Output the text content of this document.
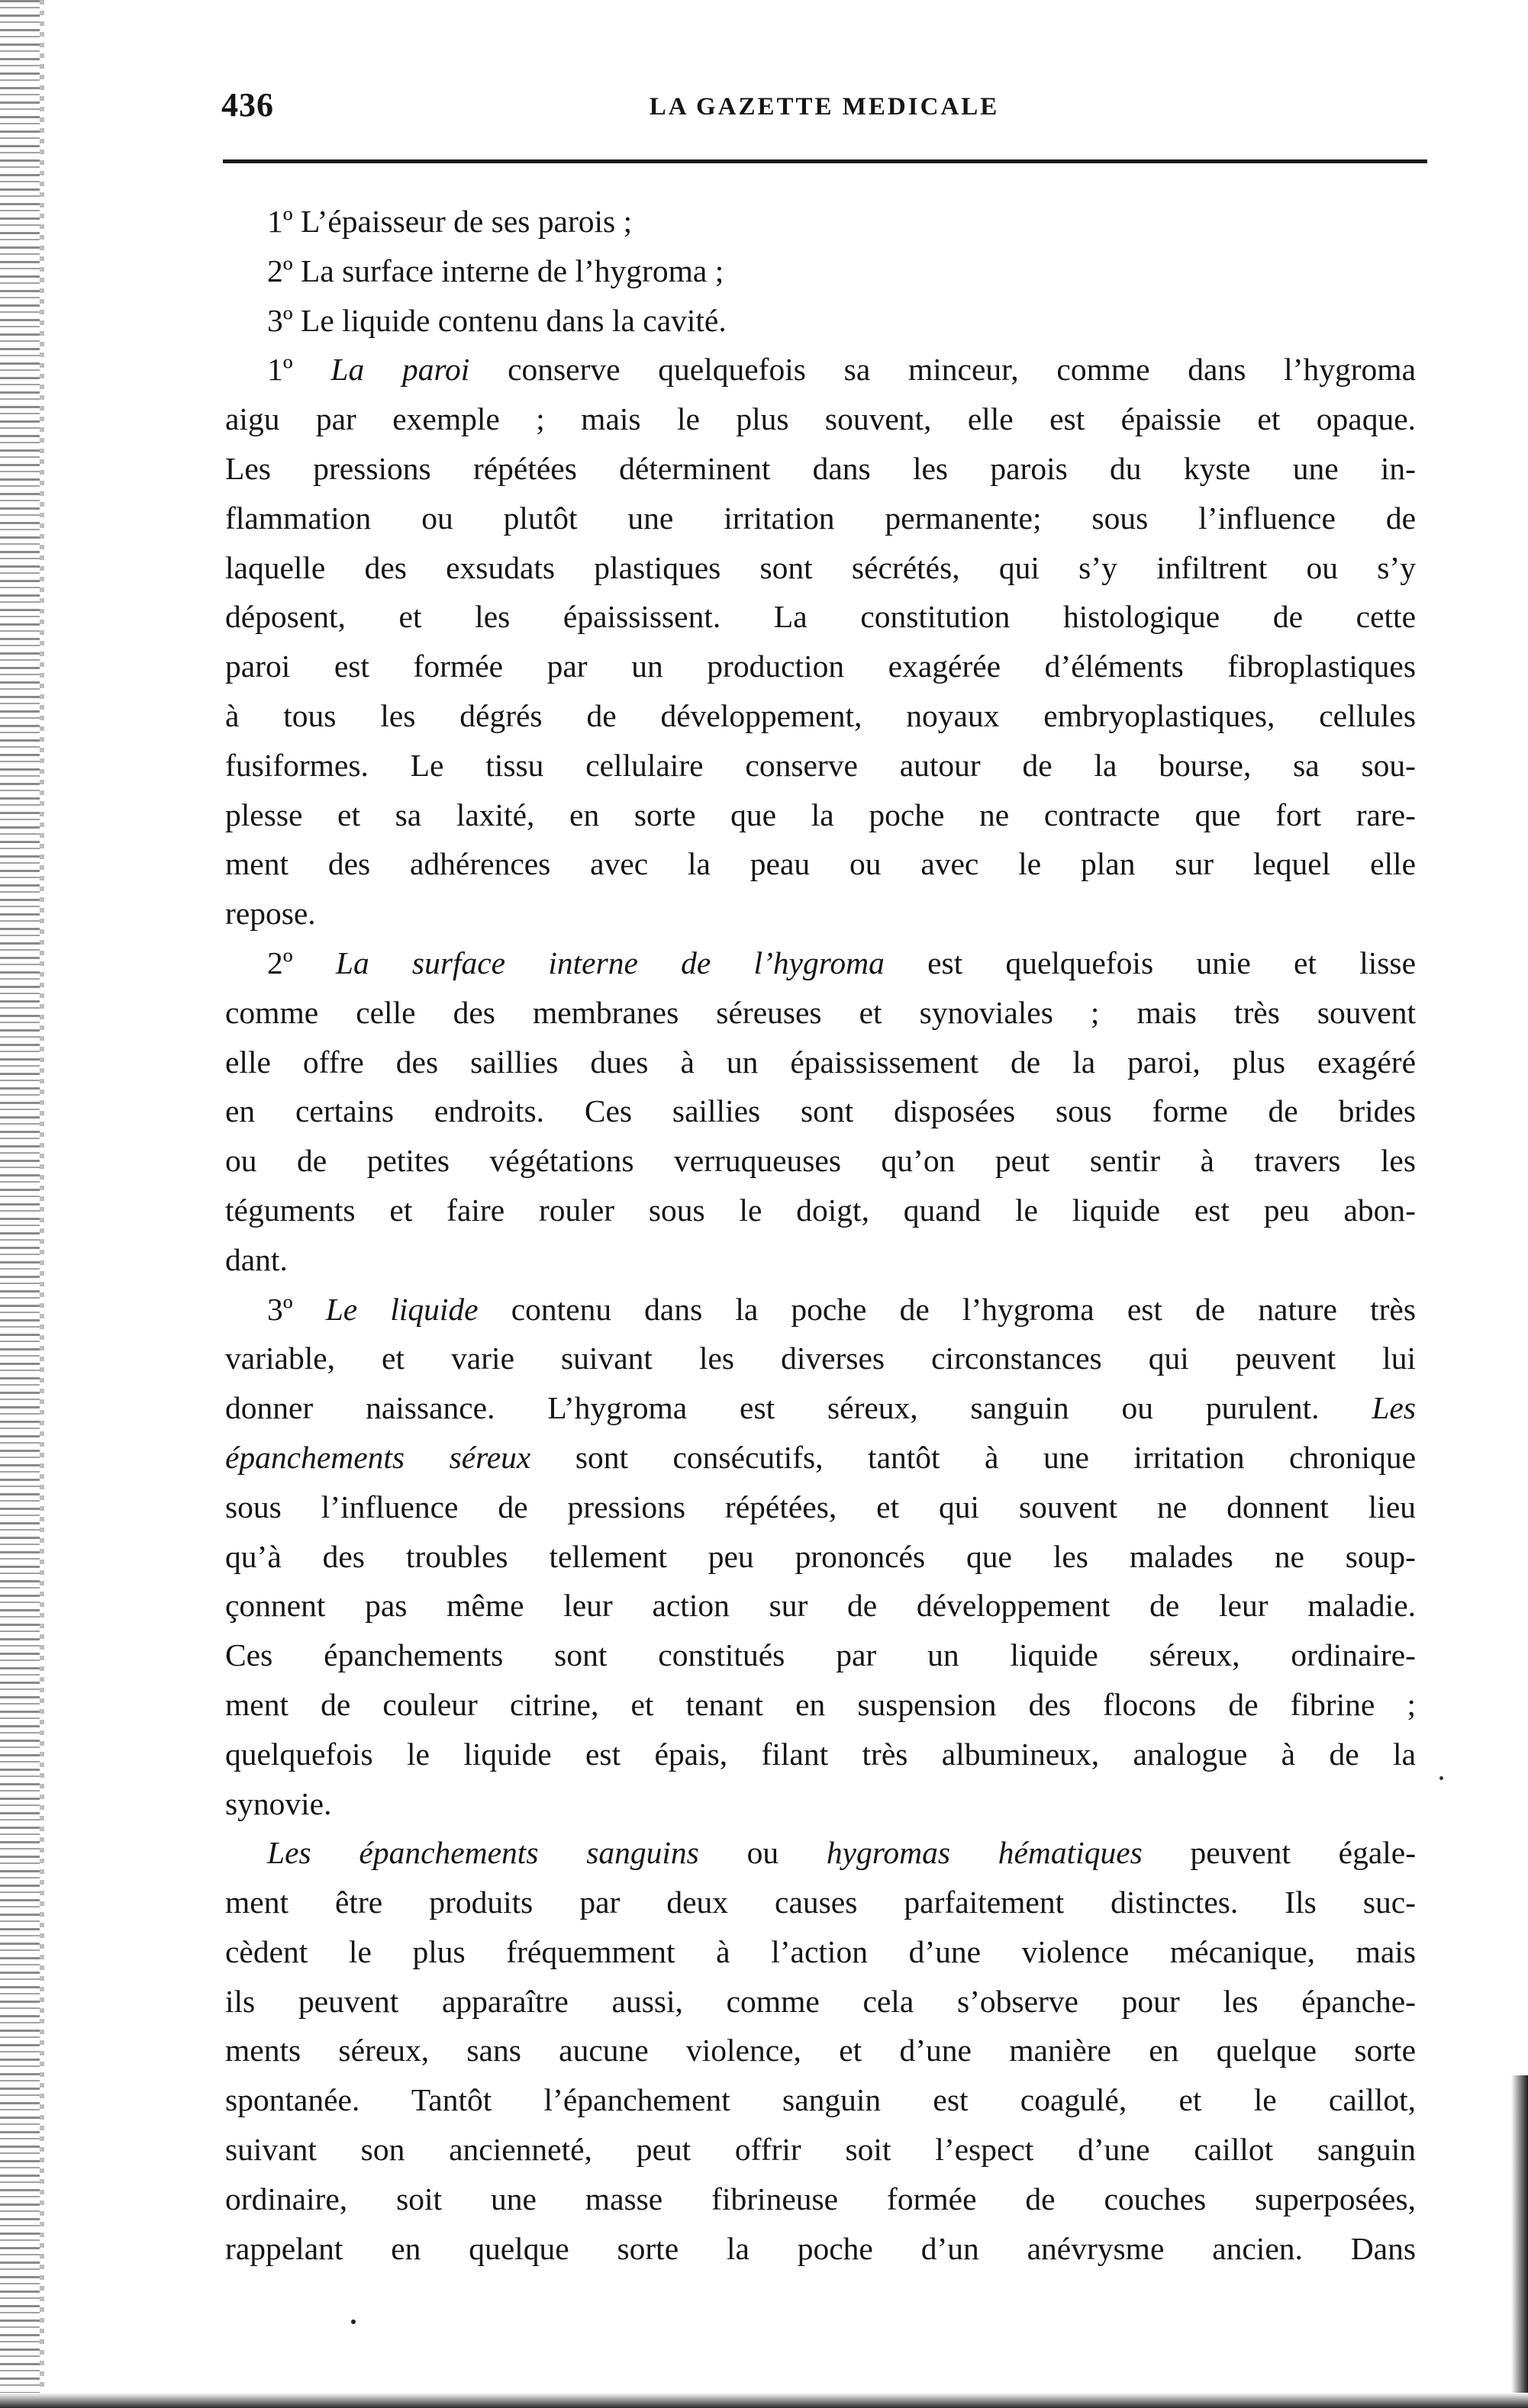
436	LA GAZETTE MEDICALE
1º L’épaisseur de ses parois ;
2º La surface interne de l’hygroma ;
3º Le liquide contenu dans la cavité.
1º La paroi conserve quelquefois sa minceur, comme dans l’hygroma
aigu par exemple ; mais le plus souvent, elle est épaissie et opaque.
Les pressions répétées déterminent dans les parois du kyste une in-
flammation ou plutôt une irritation permanente; sous l’influence de
laquelle des exsudats plastiques sont sécrétés, qui s’y infiltrent ou s’y
déposent, et les épaississent. La constitution histologique de cette
paroi est formée par un production exagérée d’éléments fibroplastiques
à tous les dégrés de développement, noyaux embryoplastiques, cellules
fusiformes. Le tissu cellulaire conserve autour de la bourse, sa sou-
plesse et sa laxité, en sorte que la poche ne contracte que fort rare-
ment des adhérences avec la peau ou avec le plan sur lequel elle
repose.
2º La surface interne de l’hygroma est quelquefois unie et lisse
comme celle des membranes séreuses et synoviales ; mais très souvent
elle offre des saillies dues à un épaississement de la paroi, plus exagéré
en certains endroits. Ces saillies sont disposées sous forme de brides
ou de petites végétations verruqueuses qu’on peut sentir à travers les
téguments et faire rouler sous le doigt, quand le liquide est peu abon-
dant.
3º Le liquide contenu dans la poche de l’hygroma est de nature très
variable, et varie suivant les diverses circonstances qui peuvent lui
donner naissance. L’hygroma est séreux, sanguin ou purulent. Les
épanchements séreux sont consécutifs, tantôt à une irritation chronique
sous l’influence de pressions répétées, et qui souvent ne donnent lieu
qu’à des troubles tellement peu prononcés que les malades ne soup-
çonnent pas même leur action sur de développement de leur maladie.
Ces épanchements sont constitués par un liquide séreux, ordinaire-
ment de couleur citrine, et tenant en suspension des flocons de fibrine ;
quelquefois le liquide est épais, filant très albumineux, analogue à de la
synovie.
Les épanchements sanguins ou hygromas hématiques peuvent égale-
ment être produits par deux causes parfaitement distinctes. Ils suc-
cèdent le plus fréquemment à l’action d’une violence mécanique, mais
ils peuvent apparaître aussi, comme cela s’observe pour les épanche-
ments séreux, sans aucune violence, et d’une manière en quelque sorte
spontanée. Tantôt l’épanchement sanguin est coagulé, et le caillot,
suivant son ancienneté, peut offrir soit l’espect d’une caillot sanguin
ordinaire, soit une masse fibrineuse formée de couches superposées,
rappelant en quelque sorte la poche d’un anévrysme ancien. Dans
